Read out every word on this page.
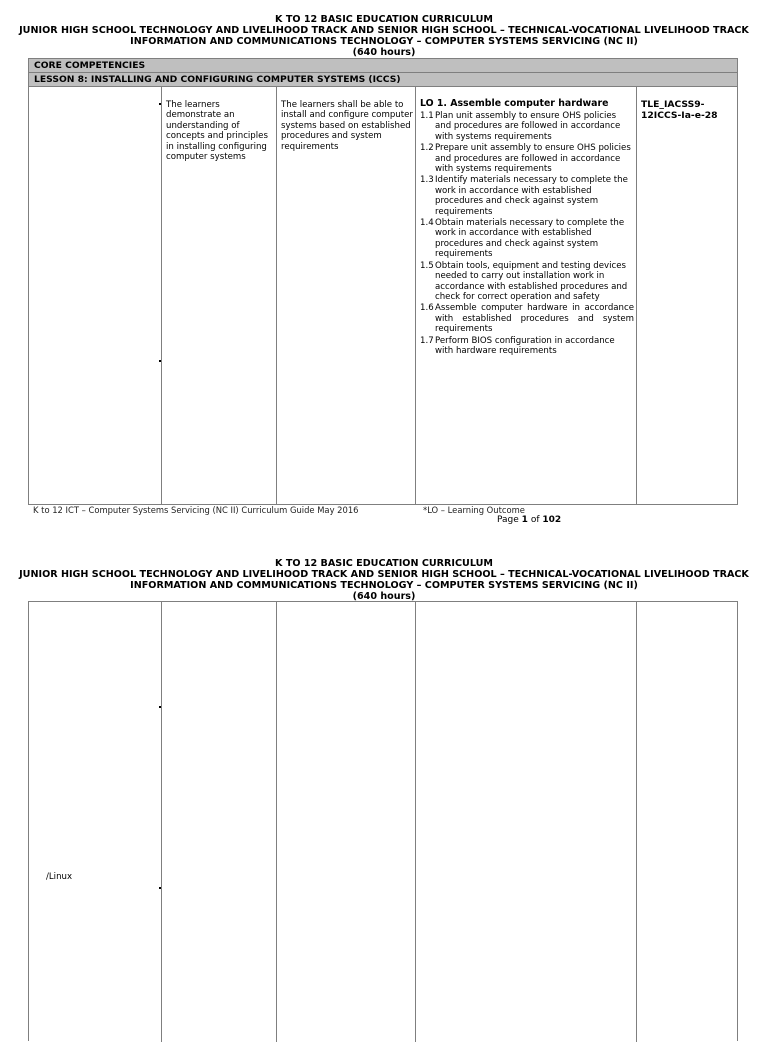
K TO 12 BASIC EDUCATION CURRICULUM
JUNIOR HIGH SCHOOL TECHNOLOGY AND LIVELIHOOD TRACK AND SENIOR HIGH SCHOOL – TECHNICAL-VOCATIONAL LIVELIHOOD TRACK
INFORMATION AND COMMUNICATIONS TECHNOLOGY – COMPUTER SYSTEMS SERVICING (NC II)
(640 hours)
CORE COMPETENCIES
LESSON 8: INSTALLING AND CONFIGURING COMPUTER SYSTEMS (ICCS)
The learners demonstrate an understanding of concepts and principles in installing configuring computer systems
The learners shall be able to install and configure computer systems based on established procedures and system requirements
LO 1. Assemble computer hardware
1.1 Plan unit assembly to ensure OHS policies and procedures are followed in accordance with systems requirements
1.2 Prepare unit assembly to ensure OHS policies and procedures are followed in accordance with systems requirements
1.3 Identify materials necessary to complete the work in accordance with established procedures and check against system requirements
1.4 Obtain materials necessary to complete the work in accordance with established procedures and check against system requirements
1.5 Obtain tools, equipment and testing devices needed to carry out installation work in accordance with established procedures and check for correct operation and safety
1.6 Assemble computer hardware in accordance with established procedures and system requirements
1.7 Perform BIOS configuration in accordance with hardware requirements
TLE_IACSS9-12ICCS-Ia-e-28
K to 12 ICT – Computer Systems Servicing (NC II) Curriculum Guide May 2016	*LO – Learning Outcome
Page 1 of 102
K TO 12 BASIC EDUCATION CURRICULUM
JUNIOR HIGH SCHOOL TECHNOLOGY AND LIVELIHOOD TRACK AND SENIOR HIGH SCHOOL – TECHNICAL-VOCATIONAL LIVELIHOOD TRACK
INFORMATION AND COMMUNICATIONS TECHNOLOGY – COMPUTER SYSTEMS SERVICING (NC II)
(640 hours)
/Linux
